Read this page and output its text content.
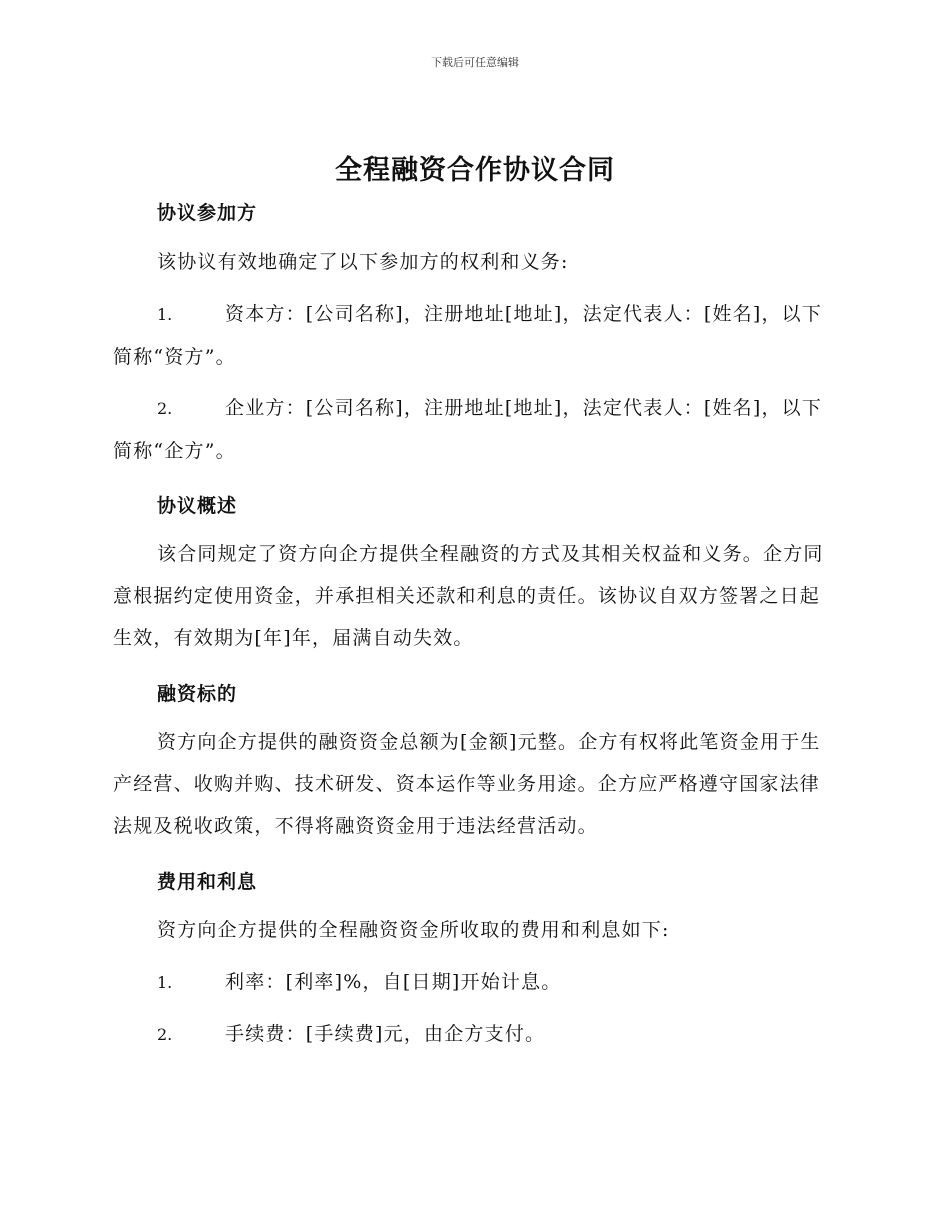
下载后可任意编辑
全程融资合作协议合同
协议参加方

该协议有效地确定了以下参加方的权利和义务:

1.	资本方：[公司名称]，注册地址[地址]，法定代表人：[姓名]，以下简称“资方”。

2.	企业方：[公司名称]，注册地址[地址]，法定代表人：[姓名]，以下简称“企方”。

协议概述

该合同规定了资方向企方提供全程融资的方式及其相关权益和义务。企方同意根据约定使用资金，并承担相关还款和利息的责任。该协议自双方签署之日起生效，有效期为[年]年，届满自动失效。

融资标的

资方向企方提供的融资资金总额为[金额]元整。企方有权将此笔资金用于生产经营、收购并购、技术研发、资本运作等业务用途。企方应严格遵守国家法律法规及税收政策，不得将融资资金用于违法经营活动。

费用和利息

资方向企方提供的全程融资资金所收取的费用和利息如下:

1.	利率：[利率]%，自[日期]开始计息。

2.	手续费：[手续费]元，由企方支付。
